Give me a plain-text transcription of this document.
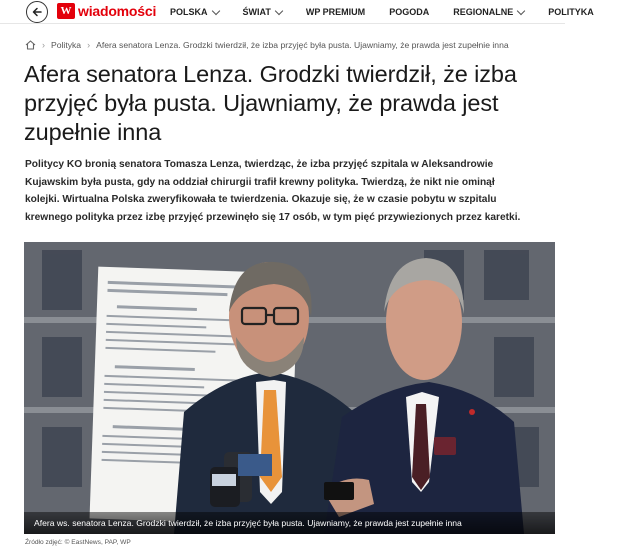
W wiadomości POLSKA	ŚWIAT	WP PREMIUM	POGODA	REGIONALNE	POLITYKA
› Polityka › Afera senatora Lenza. Grodzki twierdził, że izba przyjęć była pusta. Ujawniamy, że prawda jest zupełnie inna
Afera senatora Lenza. Grodzki twierdził, że izba przyjęć była pusta. Ujawniamy, że prawda jest zupełnie inna

Politycy KO bronią senatora Tomasza Lenza, twierdząc, że izba przyjęć szpitala w Aleksandrowie Kujawskim była pusta, gdy na oddział chirurgii trafił krewny polityka. Twierdzą, że nikt nie ominął kolejki. Wirtualna Polska zweryfikowała te twierdzenia. Okazuje się, że w czasie pobytu w szpitalu krewnego polityka przez izbę przyjęć przewinęło się 17 osób, w tym pięć przywiezionych przez karetki.

Afera ws. senatora Lenza. Grodzki twierdził, że izba przyjęć była pusta. Ujawniamy, że prawda jest zupełnie inna
Źródło zdjęć: © EastNews, PAP, WP
